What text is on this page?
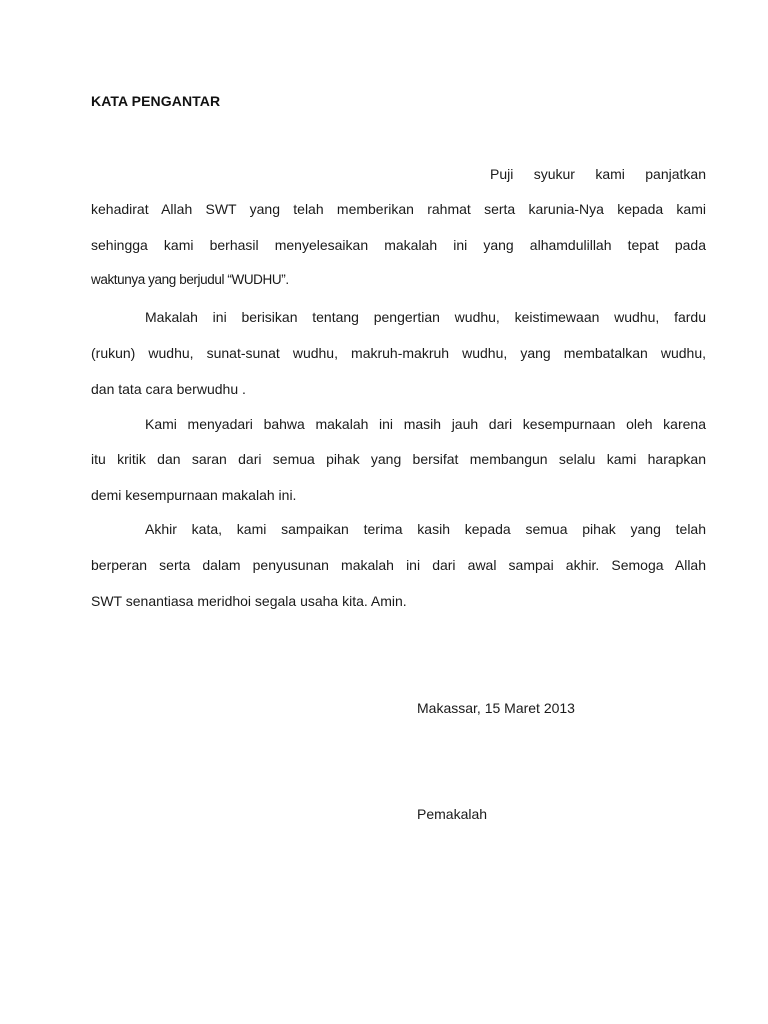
KATA PENGANTAR
Puji syukur kami panjatkan
kehadirat Allah SWT yang telah memberikan rahmat serta karunia-Nya kepada kami
sehingga kami berhasil menyelesaikan makalah ini yang alhamdulillah tepat pada
waktunya yang berjudul “WUDHU”.
Makalah ini berisikan tentang pengertian wudhu, keistimewaan wudhu, fardu
(rukun) wudhu, sunat-sunat wudhu, makruh-makruh wudhu, yang membatalkan wudhu,
dan tata cara berwudhu .
Kami menyadari bahwa makalah ini masih jauh dari kesempurnaan oleh karena
itu kritik dan saran dari semua pihak yang bersifat membangun selalu kami harapkan
demi kesempurnaan makalah ini.
Akhir kata, kami sampaikan terima kasih kepada semua pihak yang telah
berperan serta dalam penyusunan makalah ini dari awal sampai akhir. Semoga Allah
SWT senantiasa meridhoi segala usaha kita. Amin.
Makassar, 15 Maret 2013
Pemakalah
